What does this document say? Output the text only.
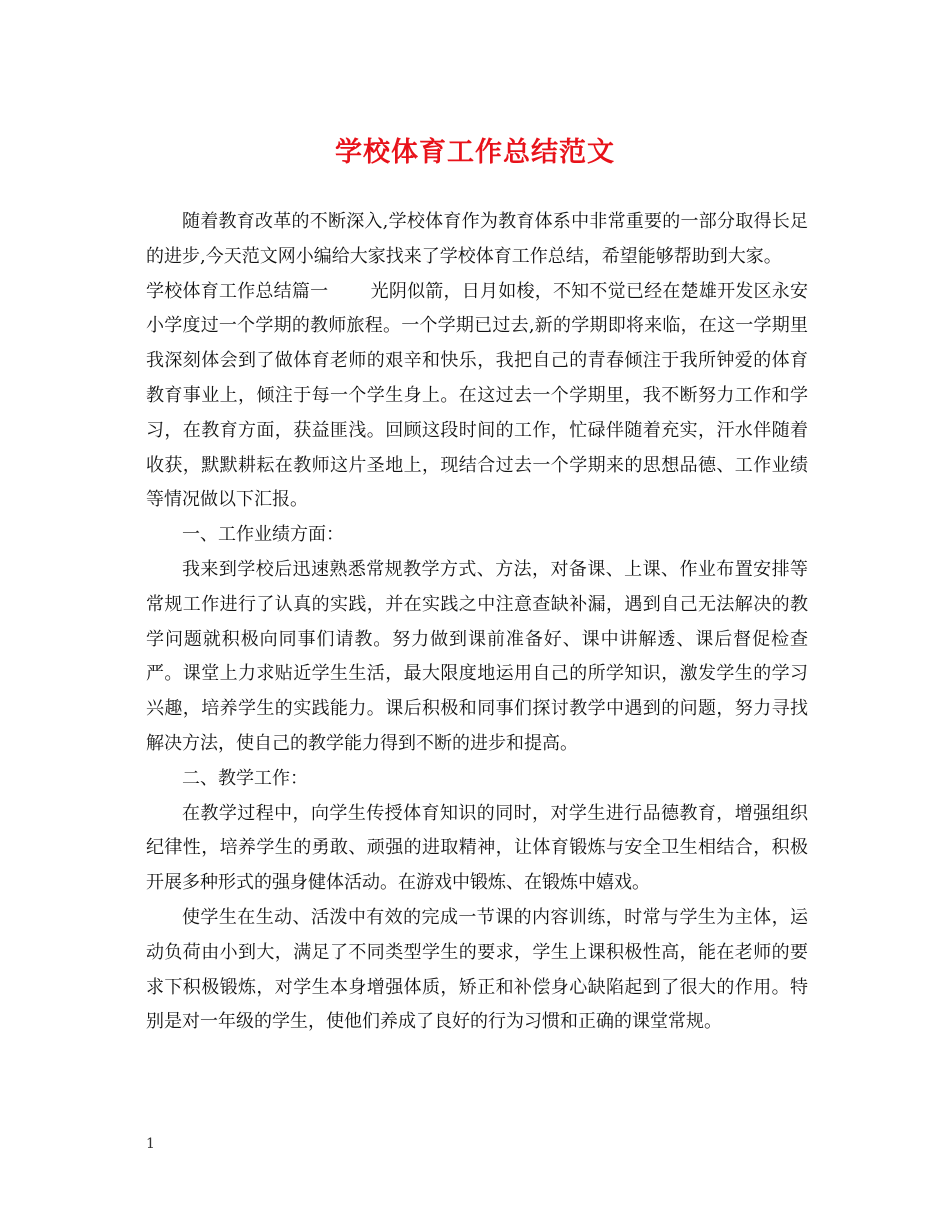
学校体育工作总结范文

随着教育改革的不断深入,学校体育作为教育体系中非常重要的一部分取得长足的进步,今天范文网小编给大家找来了学校体育工作总结，希望能够帮助到大家。

学校体育工作总结篇一 光阴似箭，日月如梭，不知不觉已经在楚雄开发区永安小学度过一个学期的教师旅程。一个学期已过去,新的学期即将来临，在这一学期里我深刻体会到了做体育老师的艰辛和快乐，我把自己的青春倾注于我所钟爱的体育教育事业上，倾注于每一个学生身上。在这过去一个学期里，我不断努力工作和学习，在教育方面，获益匪浅。回顾这段时间的工作，忙碌伴随着充实，汗水伴随着收获，默默耕耘在教师这片圣地上，现结合过去一个学期来的思想品德、工作业绩等情况做以下汇报。

一、工作业绩方面：

我来到学校后迅速熟悉常规教学方式、方法，对备课、上课、作业布置安排等常规工作进行了认真的实践，并在实践之中注意查缺补漏，遇到自己无法解决的教学问题就积极向同事们请教。努力做到课前准备好、课中讲解透、课后督促检查严。课堂上力求贴近学生生活，最大限度地运用自己的所学知识，激发学生的学习兴趣，培养学生的实践能力。课后积极和同事们探讨教学中遇到的问题，努力寻找解决方法，使自己的教学能力得到不断的进步和提高。

二、教学工作：

在教学过程中，向学生传授体育知识的同时，对学生进行品德教育，增强组织纪律性，培养学生的勇敢、顽强的进取精神，让体育锻炼与安全卫生相结合，积极开展多种形式的强身健体活动。在游戏中锻炼、在锻炼中嬉戏。

使学生在生动、活泼中有效的完成一节课的内容训练，时常与学生为主体，运动负荷由小到大，满足了不同类型学生的要求，学生上课积极性高，能在老师的要求下积极锻炼，对学生本身增强体质，矫正和补偿身心缺陷起到了很大的作用。特别是对一年级的学生，使他们养成了良好的行为习惯和正确的课堂常规。

1
